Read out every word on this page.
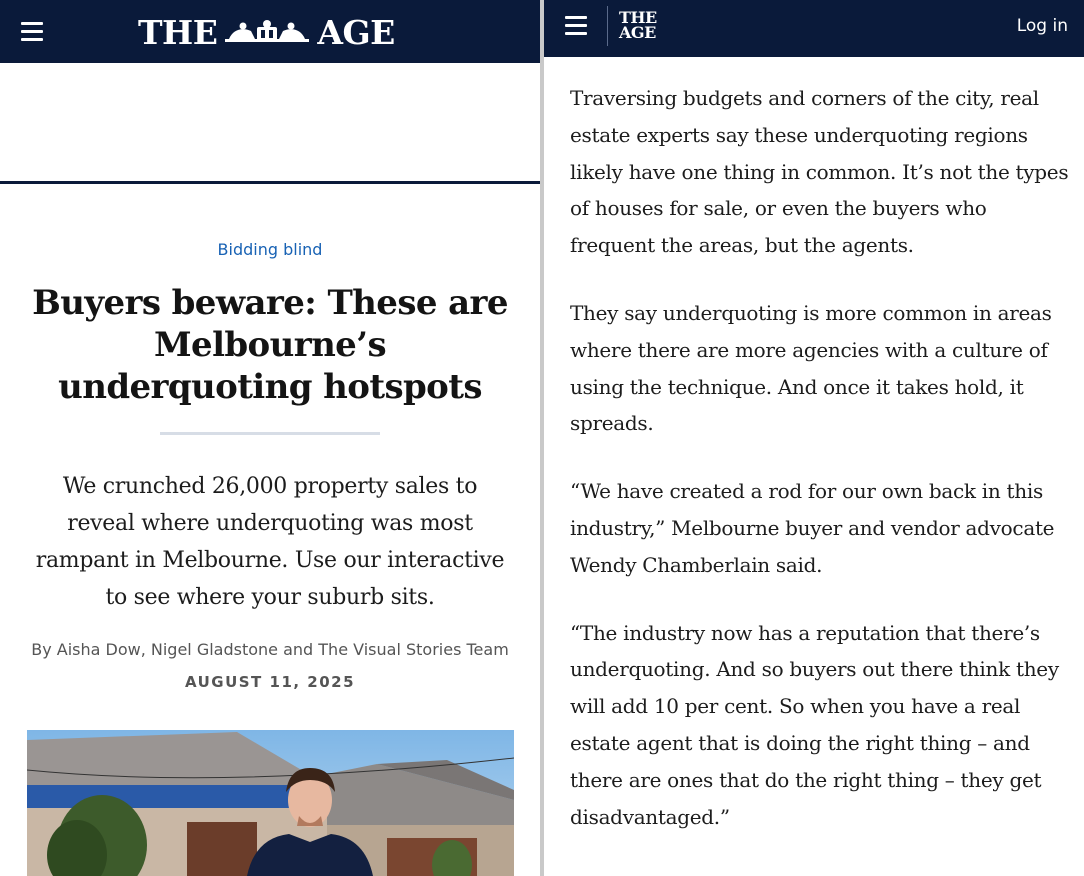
THE	AGE
Bidding blind
Buyers beware: These are Melbourne’s underquoting hotspots

We crunched 26,000 property sales to reveal where underquoting was most rampant in Melbourne. Use our interactive to see where your suburb sits.

By Aisha Dow, Nigel Gladstone and The Visual Stories Team
AUGUST 11, 2025
THE
AGE	Log in

Traversing budgets and corners of the city, real estate experts say these underquoting regions likely have one thing in common. It’s not the types of houses for sale, or even the buyers who frequent the areas, but the agents.

They say underquoting is more common in areas where there are more agencies with a culture of using the technique. And once it takes hold, it spreads.

“We have created a rod for our own back in this industry,” Melbourne buyer and vendor advocate Wendy Chamberlain said.

“The industry now has a reputation that there’s underquoting. And so buyers out there think they will add 10 per cent. So when you have a real estate agent that is doing the right thing – and there are ones that do the right thing – they get disadvantaged.”
